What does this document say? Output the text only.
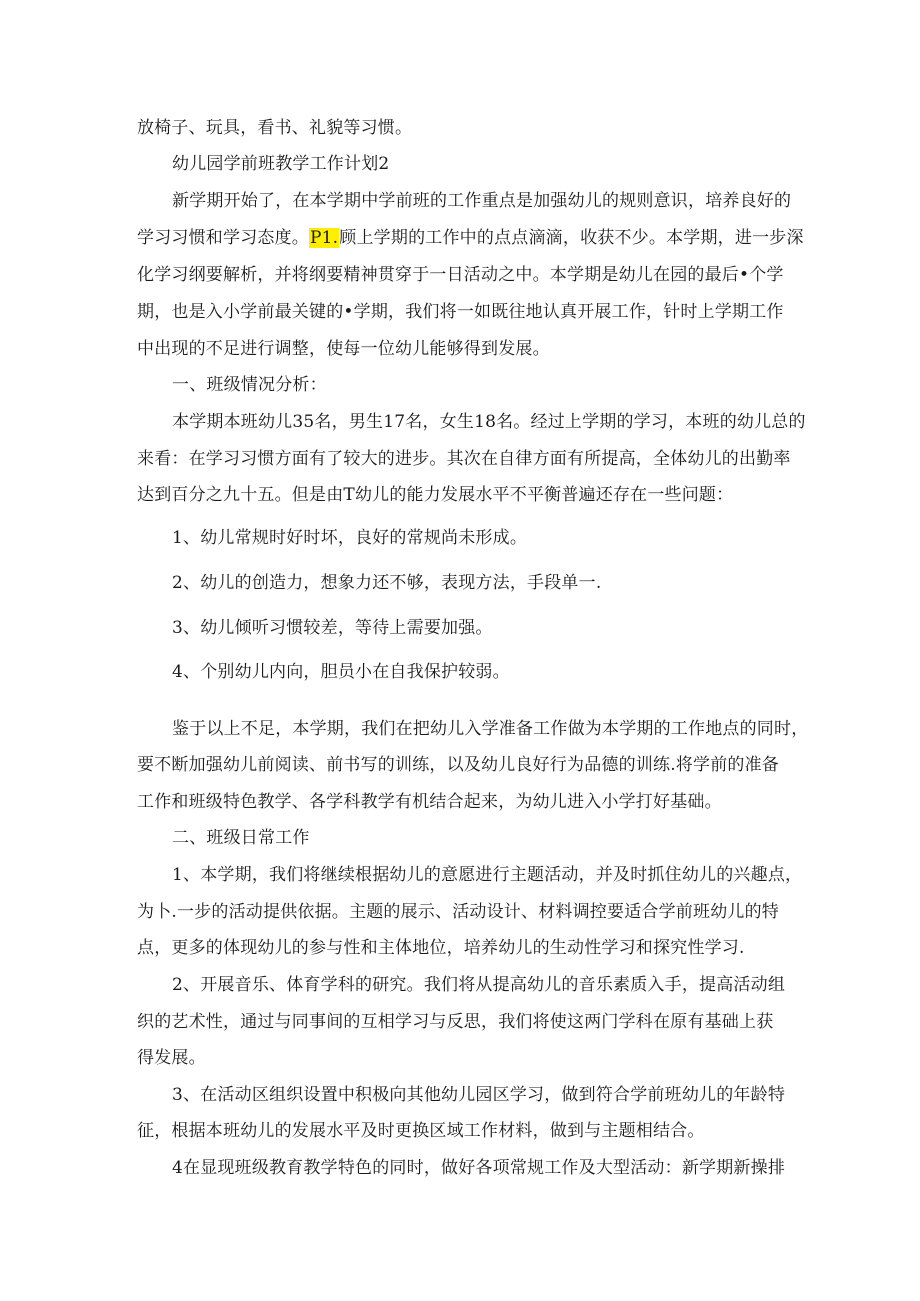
放椅子、玩具，看书、礼貌等习惯。
幼儿园学前班教学工作计划2
新学期开始了，在本学期中学前班的工作重点是加强幼儿的规则意识，培养良好的
学习习惯和学习态度。P1.顾上学期的工作中的点点滴滴，收获不少。本学期，进一步深
化学习纲要解析，并将纲要精神贯穿于一日活动之中。本学期是幼儿在园的最后•个学
期，也是入小学前最关键的•学期，我们将一如既往地认真开展工作，针时上学期工作
中出现的不足进行调整，使每一位幼儿能够得到发展。
一、班级情况分析：
本学期本班幼儿35名，男生17名，女生18名。经过上学期的学习，本班的幼儿总的
来看：在学习习惯方面有了较大的进步。其次在自律方面有所提高，全体幼儿的出勤率
达到百分之九十五。但是由T幼儿的能力发展水平不平衡普遍还存在一些问题：
1、幼儿常规时好时坏，良好的常规尚未形成。
2、幼儿的创造力，想象力还不够，表现方法，手段单一.
3、幼儿倾听习惯较差，等待上需要加强。
4、个别幼儿内向，胆员小在自我保护较弱。
鉴于以上不足，本学期，我们在把幼儿入学准备工作做为本学期的工作地点的同时，
要不断加强幼儿前阅读、前书写的训练，以及幼儿良好行为品德的训练.将学前的准备
工作和班级特色教学、各学科教学有机结合起来，为幼儿进入小学打好基础。
二、班级日常工作
1、本学期，我们将继续根据幼儿的意愿进行主题活动，并及时抓住幼儿的兴趣点，
为卜.一步的活动提供依据。主题的展示、活动设计、材料调控要适合学前班幼儿的特
点，更多的体现幼儿的参与性和主体地位，培养幼儿的生动性学习和探究性学习.
2、开展音乐、体育学科的研究。我们将从提高幼儿的音乐素质入手，提高活动组
织的艺术性，通过与同事间的互相学习与反思，我们将使这两门学科在原有基础上获
得发展。
3、在活动区组织设置中积极向其他幼儿园区学习，做到符合学前班幼儿的年龄特
征，根据本班幼儿的发展水平及时更换区域工作材料，做到与主题相结合。
4在显现班级教育教学特色的同时，做好各项常规工作及大型活动：新学期新操排
